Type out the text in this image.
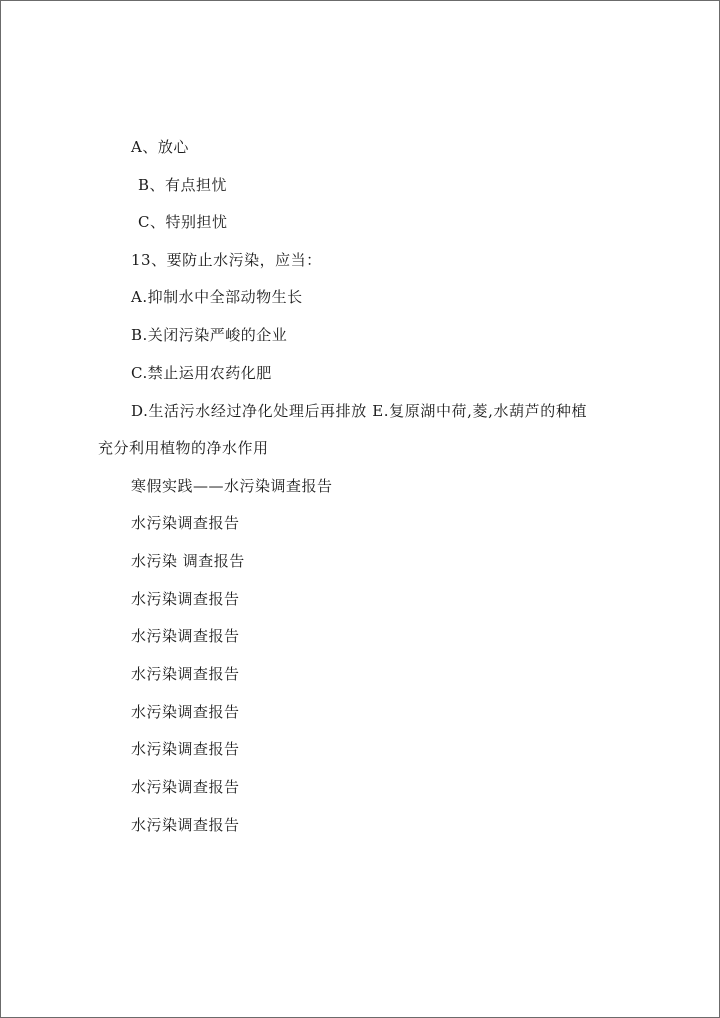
A、放心
B、有点担忧
C、特别担忧
13、要防止水污染，应当：
A.抑制水中全部动物生长
B.关闭污染严峻的企业
C.禁止运用农药化肥
D.生活污水经过净化处理后再排放 E.复原湖中荷,菱,水葫芦的种植
充分利用植物的净水作用
寒假实践——水污染调查报告
水污染调查报告
水污染 调查报告
水污染调查报告
水污染调查报告
水污染调查报告
水污染调查报告
水污染调查报告
水污染调查报告
水污染调查报告
